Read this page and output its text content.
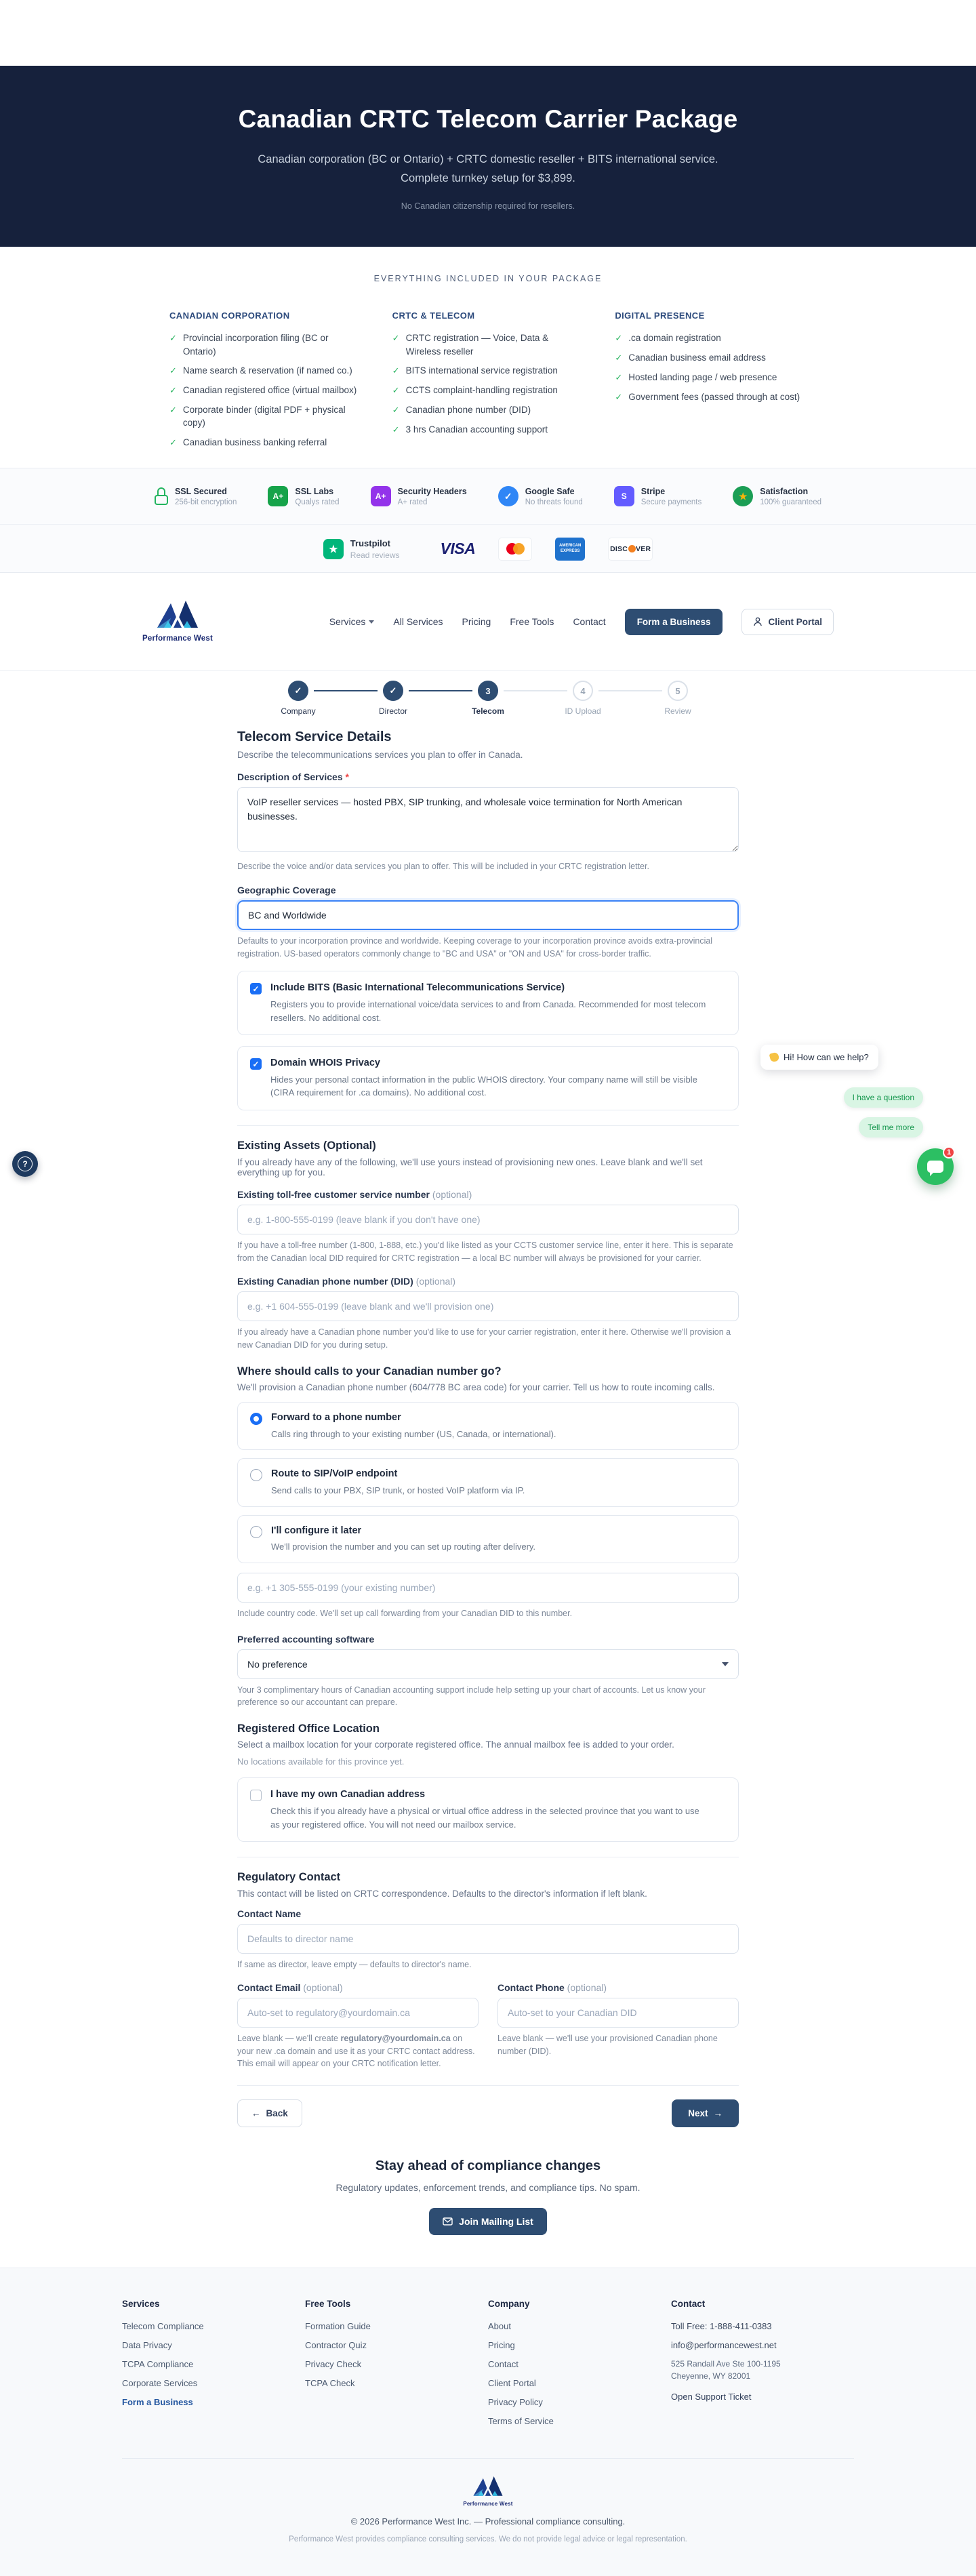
Canadian CRTC Telecom Carrier Package

Canadian corporation (BC or Ontario) + CRTC domestic reseller + BITS international service. Complete turnkey setup for $3,899.

No Canadian citizenship required for resellers.

EVERYTHING INCLUDED IN YOUR PACKAGE
CANADIAN CORPORATION
✓ Provincial incorporation filing (BC or Ontario)
✓ Name search & reservation (if named co.)
✓ Canadian registered office (virtual mailbox)
✓ Corporate binder (digital PDF + physical copy)
✓ Canadian business banking referral
CRTC & TELECOM
✓ CRTC registration — Voice, Data & Wireless reseller
✓ BITS international service registration
✓ CCTS complaint-handling registration
✓ Canadian phone number (DID)
✓ 3 hrs Canadian accounting support
DIGITAL PRESENCE
✓ .ca domain registration
✓ Canadian business email address
✓ Hosted landing page / web presence
✓ Government fees (passed through at cost)
SSL Secured
256-bit encryption
A+
SSL Labs
Qualys rated
A+
Security Headers
A+ rated
✓	Google Safe
No threats found
S
Stripe
Secure payments
★	Satisfaction
100% guaranteed
★
Trustpilot
Read reviews	VISA	AMERICAN EXPRESS	DISC VER
Performance West
Services	All Services Pricing Free Tools Contact	Form a Business	Client Portal
✓
Company
✓
Director
3
Telecom
4
ID Upload
5
Review
Telecom Service Details

Describe the telecommunications services you plan to offer in Canada.

Description of Services *
VoIP reseller services — hosted PBX, SIP trunking, and wholesale voice termination for North American businesses.

Describe the voice and/or data services you plan to offer. This will be included in your CRTC registration letter.

Geographic Coverage
BC and Worldwide

Defaults to your incorporation province and worldwide. Keeping coverage to your incorporation province avoids extra-provincial registration. US-based operators commonly change to "BC and USA" or "ON and USA" for cross-border traffic.

✓ Include BITS (Basic International Telecommunications Service)
Registers you to provide international voice/data services to and from Canada. Recommended for most telecom resellers. No additional cost.
✓ Domain WHOIS Privacy
Hides your personal contact information in the public WHOIS directory. Your company name will still be visible (CIRA requirement for .ca domains). No additional cost.
Existing Assets (Optional)

If you already have any of the following, we'll use yours instead of provisioning new ones. Leave blank and we'll set everything up for you.

Existing toll-free customer service number (optional)
e.g. 1-800-555-0199 (leave blank if you don't have one)

If you have a toll-free number (1-800, 1-888, etc.) you'd like listed as your CCTS customer service line, enter it here. This is separate from the Canadian local DID required for CRTC registration — a local BC number will always be provisioned for your carrier.

Existing Canadian phone number (DID) (optional)
e.g. +1 604-555-0199 (leave blank and we'll provision one)

If you already have a Canadian phone number you'd like to use for your carrier registration, enter it here. Otherwise we'll provision a new Canadian DID for you during setup.

Where should calls to your Canadian number go?

We'll provision a Canadian phone number (604/778 BC area code) for your carrier. Tell us how to route incoming calls.

Forward to a phone number
Calls ring through to your existing number (US, Canada, or international).
Route to SIP/VoIP endpoint
Send calls to your PBX, SIP trunk, or hosted VoIP platform via IP.
I'll configure it later
We'll provision the number and you can set up routing after delivery.
e.g. +1 305-555-0199 (your existing number)

Include country code. We'll set up call forwarding from your Canadian DID to this number.

Preferred accounting software
No preference

Your 3 complimentary hours of Canadian accounting support include help setting up your chart of accounts. Let us know your preference so our accountant can prepare.

Registered Office Location

Select a mailbox location for your corporate registered office. The annual mailbox fee is added to your order.

No locations available for this province yet.

I have my own Canadian address
Check this if you already have a physical or virtual office address in the selected province that you want to use as your registered office. You will not need our mailbox service.
Regulatory Contact

This contact will be listed on CRTC correspondence. Defaults to the director's information if left blank.

Contact Name
Defaults to director name

If same as director, leave empty — defaults to director's name.

Contact Email (optional)
Auto-set to regulatory@yourdomain.ca

Leave blank — we'll create regulatory@yourdomain.ca on your new .ca domain and use it as your CRTC contact address. This email will appear on your CRTC notification letter.

Contact Phone (optional)
Auto-set to your Canadian DID

Leave blank — we'll use your provisioned Canadian phone number (DID).

← Back	Next →
Stay ahead of compliance changes

Regulatory updates, enforcement trends, and compliance tips. No spam.

Join Mailing List
Services
Telecom Compliance
Data Privacy
TCPA Compliance
Corporate Services
Form a Business
Free Tools
Formation Guide
Contractor Quiz
Privacy Check
TCPA Check
Company
About
Pricing
Contact
Client Portal
Privacy Policy
Terms of Service
Contact
Toll Free: 1-888-411-0383
info@performancewest.net
525 Randall Ave Ste 100-1195
Cheyenne, WY 82001
Open Support Ticket
Performance West

© 2026 Performance West Inc. — Professional compliance consulting.

Performance West provides compliance consulting services. We do not provide legal advice or legal representation.

Hi! How can we help?
I have a question
Tell me more
1
?
